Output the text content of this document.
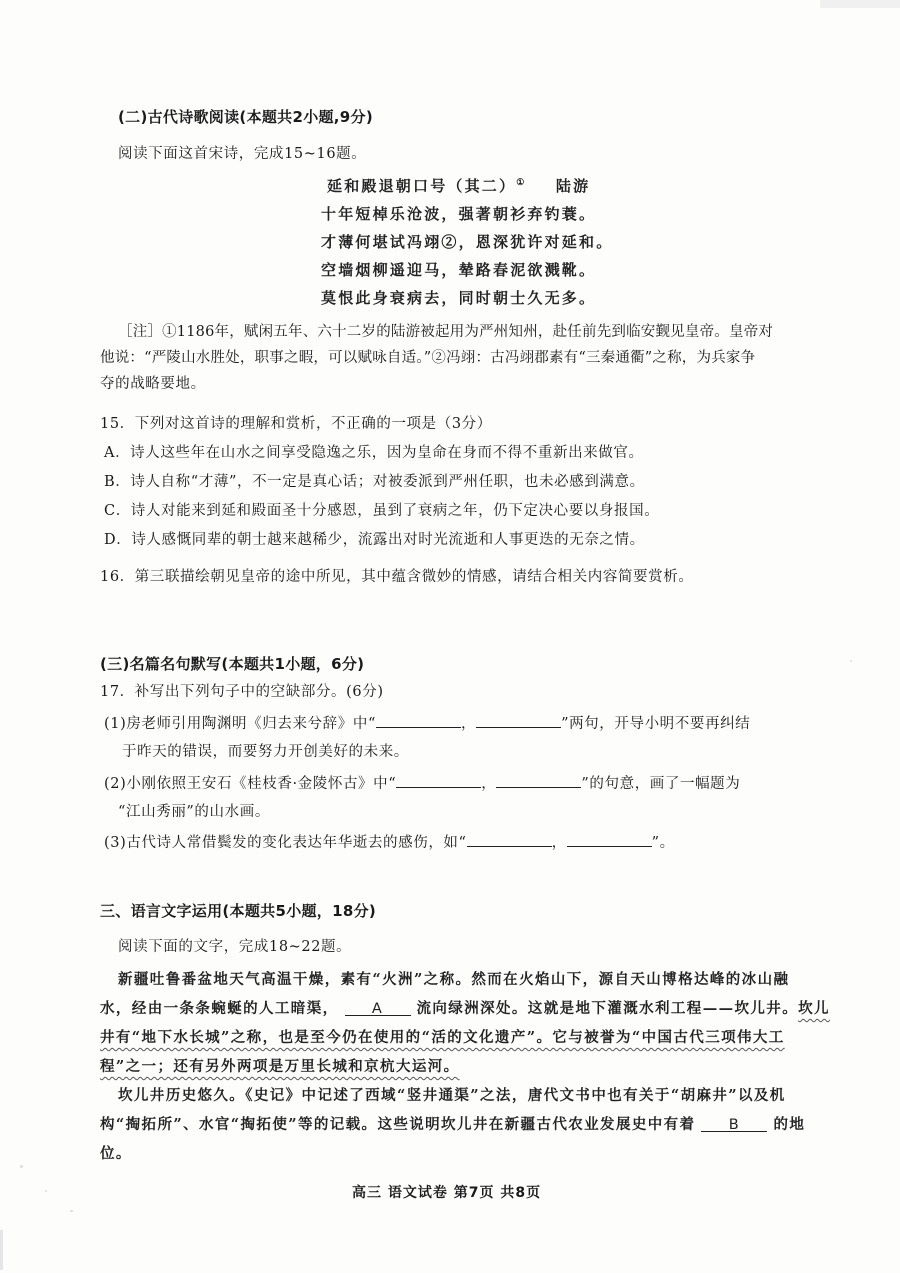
(二)古代诗歌阅读(本题共2小题,9分)
阅读下面这首宋诗，完成15~16题。
延和殿退朝口号（其二）① 陆游
十年短棹乐沧波，强著朝衫弃钓蓑。
才薄何堪试冯翊②，恩深犹许对延和。
空墙烟柳遥迎马，辇路春泥欲溅靴。
莫恨此身衰病去，同时朝士久无多。
［注］①1186年，赋闲五年、六十二岁的陆游被起用为严州知州，赴任前先到临安觐见皇帝。皇帝对
他说：“严陵山水胜处，职事之暇，可以赋咏自适。”②冯翊：古冯翊郡素有“三秦通衢”之称，为兵家争
夺的战略要地。
15．下列对这首诗的理解和赏析，不正确的一项是（3分）
A．诗人这些年在山水之间享受隐逸之乐，因为皇命在身而不得不重新出来做官。
B．诗人自称“才薄”，不一定是真心话；对被委派到严州任职，也未必感到满意。
C．诗人对能来到延和殿面圣十分感恩，虽到了衰病之年，仍下定决心要以身报国。
D．诗人感慨同辈的朝士越来越稀少，流露出对时光流逝和人事更迭的无奈之情。
16．第三联描绘朝见皇帝的途中所见，其中蕴含微妙的情感，请结合相关内容简要赏析。
(三)名篇名句默写(本题共1小题，6分)
17．补写出下列句子中的空缺部分。(6分)
(1)房老师引用陶渊明《归去来兮辞》中“	，	”两句，开导小明不要再纠结
于昨天的错误，而要努力开创美好的未来。
(2)小刚依照王安石《桂枝香·金陵怀古》中“	，	”的句意，画了一幅题为
“江山秀丽”的山水画。
(3)古代诗人常借鬓发的变化表达年华逝去的感伤，如“	，	”。
三、语言文字运用(本题共5小题，18分)
阅读下面的文字，完成18~22题。
新疆吐鲁番盆地天气高温干燥，素有“火洲”之称。然而在火焰山下，源自天山博格达峰的冰山融
水，经由一条条蜿蜒的人工暗渠， A 流向绿洲深处。这就是地下灌溉水利工程——坎儿井。坎儿
井有“地下水长城”之称，也是至今仍在使用的“活的文化遗产”。它与被誉为“中国古代三项伟大工
程”之一；还有另外两项是万里长城和京杭大运河。
坎儿井历史悠久。《史记》中记述了西域“竖井通渠”之法，唐代文书中也有关于“胡麻井”以及机
构“掏拓所”、水官“掏拓使”等的记载。这些说明坎儿井在新疆古代农业发展史中有着 B 的地
位。
高三 语文试卷 第7页 共8页
